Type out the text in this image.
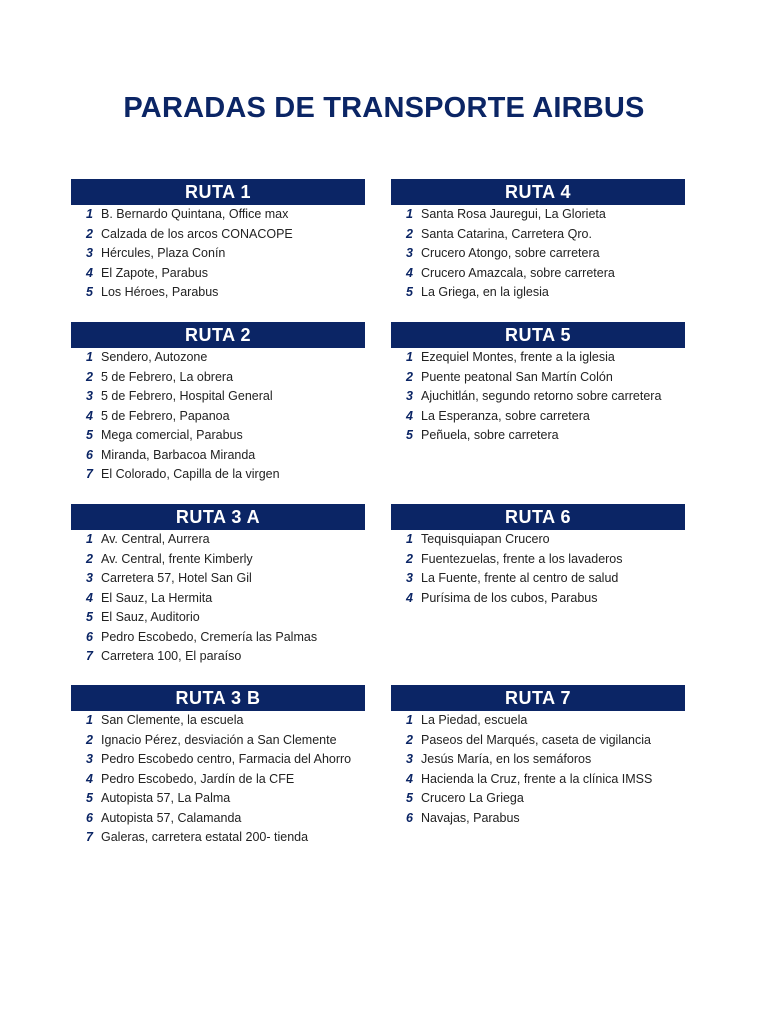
PARADAS DE TRANSPORTE AIRBUS
RUTA 1
1 B. Bernardo Quintana, Office max
2 Calzada de los arcos CONACOPE
3 Hércules, Plaza Conín
4 El Zapote, Parabus
5 Los Héroes, Parabus
RUTA 4
1 Santa Rosa Jauregui, La Glorieta
2 Santa Catarina, Carretera Qro.
3 Crucero Atongo, sobre carretera
4 Crucero Amazcala, sobre carretera
5 La Griega, en la iglesia
RUTA 2
1 Sendero, Autozone
2 5 de Febrero, La obrera
3 5 de Febrero, Hospital General
4 5 de Febrero, Papanoa
5 Mega comercial, Parabus
6 Miranda, Barbacoa Miranda
7 El Colorado, Capilla de la virgen
RUTA 5
1 Ezequiel Montes, frente a la iglesia
2 Puente peatonal San Martín Colón
3 Ajuchitlán, segundo retorno sobre carretera
4 La Esperanza, sobre carretera
5 Peñuela, sobre carretera
RUTA 3 A
1 Av. Central, Aurrera
2 Av. Central, frente Kimberly
3 Carretera 57, Hotel San Gil
4 El Sauz, La Hermita
5 El Sauz, Auditorio
6 Pedro Escobedo, Cremería las Palmas
7 Carretera 100, El paraíso
RUTA 6
1 Tequisquiapan Crucero
2 Fuentezuelas, frente a los lavaderos
3 La Fuente, frente al centro de salud
4 Purísima de los cubos, Parabus
RUTA 3 B
1 San Clemente, la escuela
2 Ignacio Pérez, desviación a San Clemente
3 Pedro Escobedo centro, Farmacia del Ahorro
4 Pedro Escobedo, Jardín de la CFE
5 Autopista 57, La Palma
6 Autopista 57, Calamanda
7 Galeras, carretera estatal 200- tienda
RUTA 7
1 La Piedad, escuela
2 Paseos del Marqués, caseta de vigilancia
3 Jesús María, en los semáforos
4 Hacienda la Cruz, frente a la clínica IMSS
5 Crucero La Griega
6 Navajas, Parabus
